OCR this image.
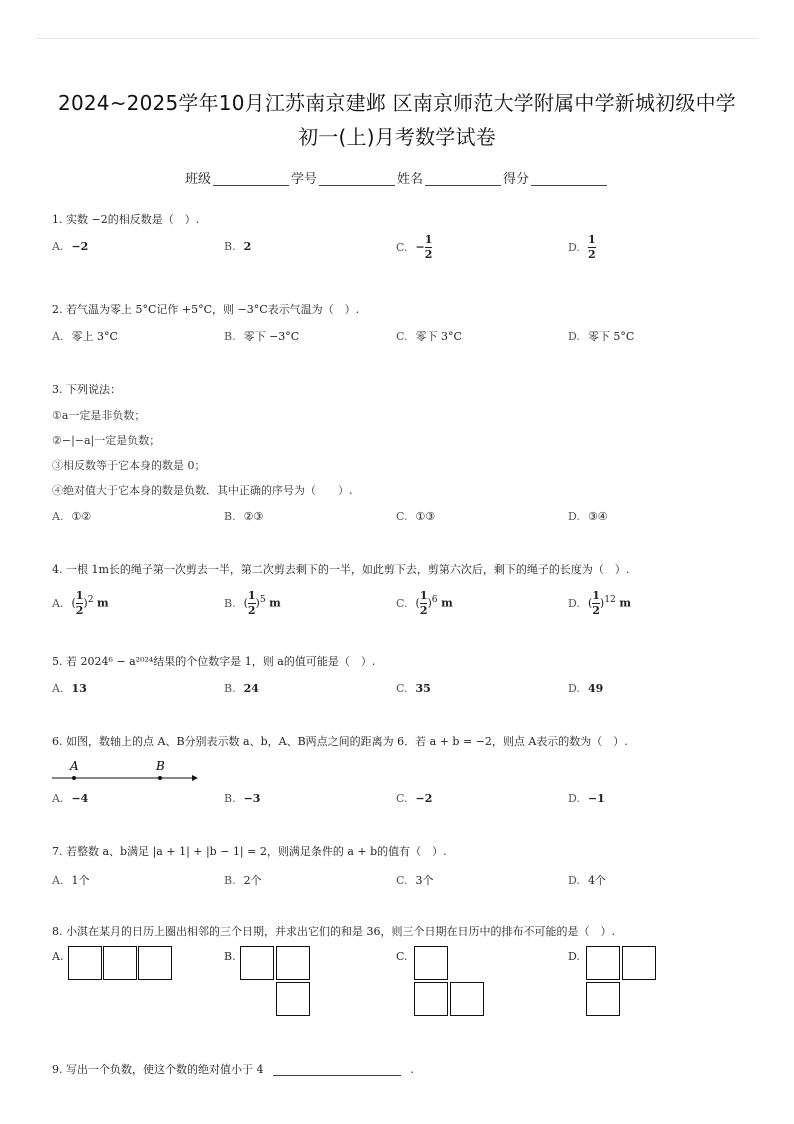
2024~2025学年10月江苏南京建邺 区南京师范大学附属中学新城初级中学
初一(上)月考数学试卷
班级	学号	姓名	得分
1. 实数 −2的相反数是（　）.
A. −2	B. 2	C. − $\frac{1}{2}$	D. $\frac{1}{2}$
2. 若气温为零上 5°C记作 +5°C，则 −3°C表示气温为（　）.
A. 零上 3°C	B. 零下 −3°C	C. 零下 3°C	D. 零下 5°C
3. 下列说法：
①a一定是非负数；
②−|−a|一定是负数；
③相反数等于它本身的数是 0；
④绝对值大于它本身的数是负数．其中正确的序号为（　　）.
A. ①②	B. ②③	C. ①③	D. ③④
4. 一根 1m长的绳子第一次剪去一半，第二次剪去剩下的一半，如此剪下去，剪第六次后，剩下的绳子的长度为（　）.
A. ( $\frac{1}{2} )^2$ m	B. ( $\frac{1}{2} )^5$ m	C. ( $\frac{1}{2} )^6$ m	D. ( $\frac{1}{2} )^{12}$ m
5. 若 2024⁶ − a²⁰²⁴结果的个位数字是 1，则 a的值可能是（　）.
A. 13	B. 24	C. 35	D. 49
6. 如图，数轴上的点 A、B分别表示数 a、b，A、B两点之间的距离为 6．若 a + b = −2，则点 A表示的数为（　）.
A	B
A. −4	B. −3	C. −2	D. −1
7. 若整数 a、b满足 |a + 1| + |b − 1| = 2，则满足条件的 a + b的值有（　）.
A. 1个	B. 2个	C. 3个	D. 4个
8. 小淇在某月的日历上圈出相邻的三个日期，并求出它们的和是 36，则三个日期在日历中的排布不可能的是（　）.
A.	B.	C.	D.
9. 写出一个负数，使这个数的绝对值小于 4	.
